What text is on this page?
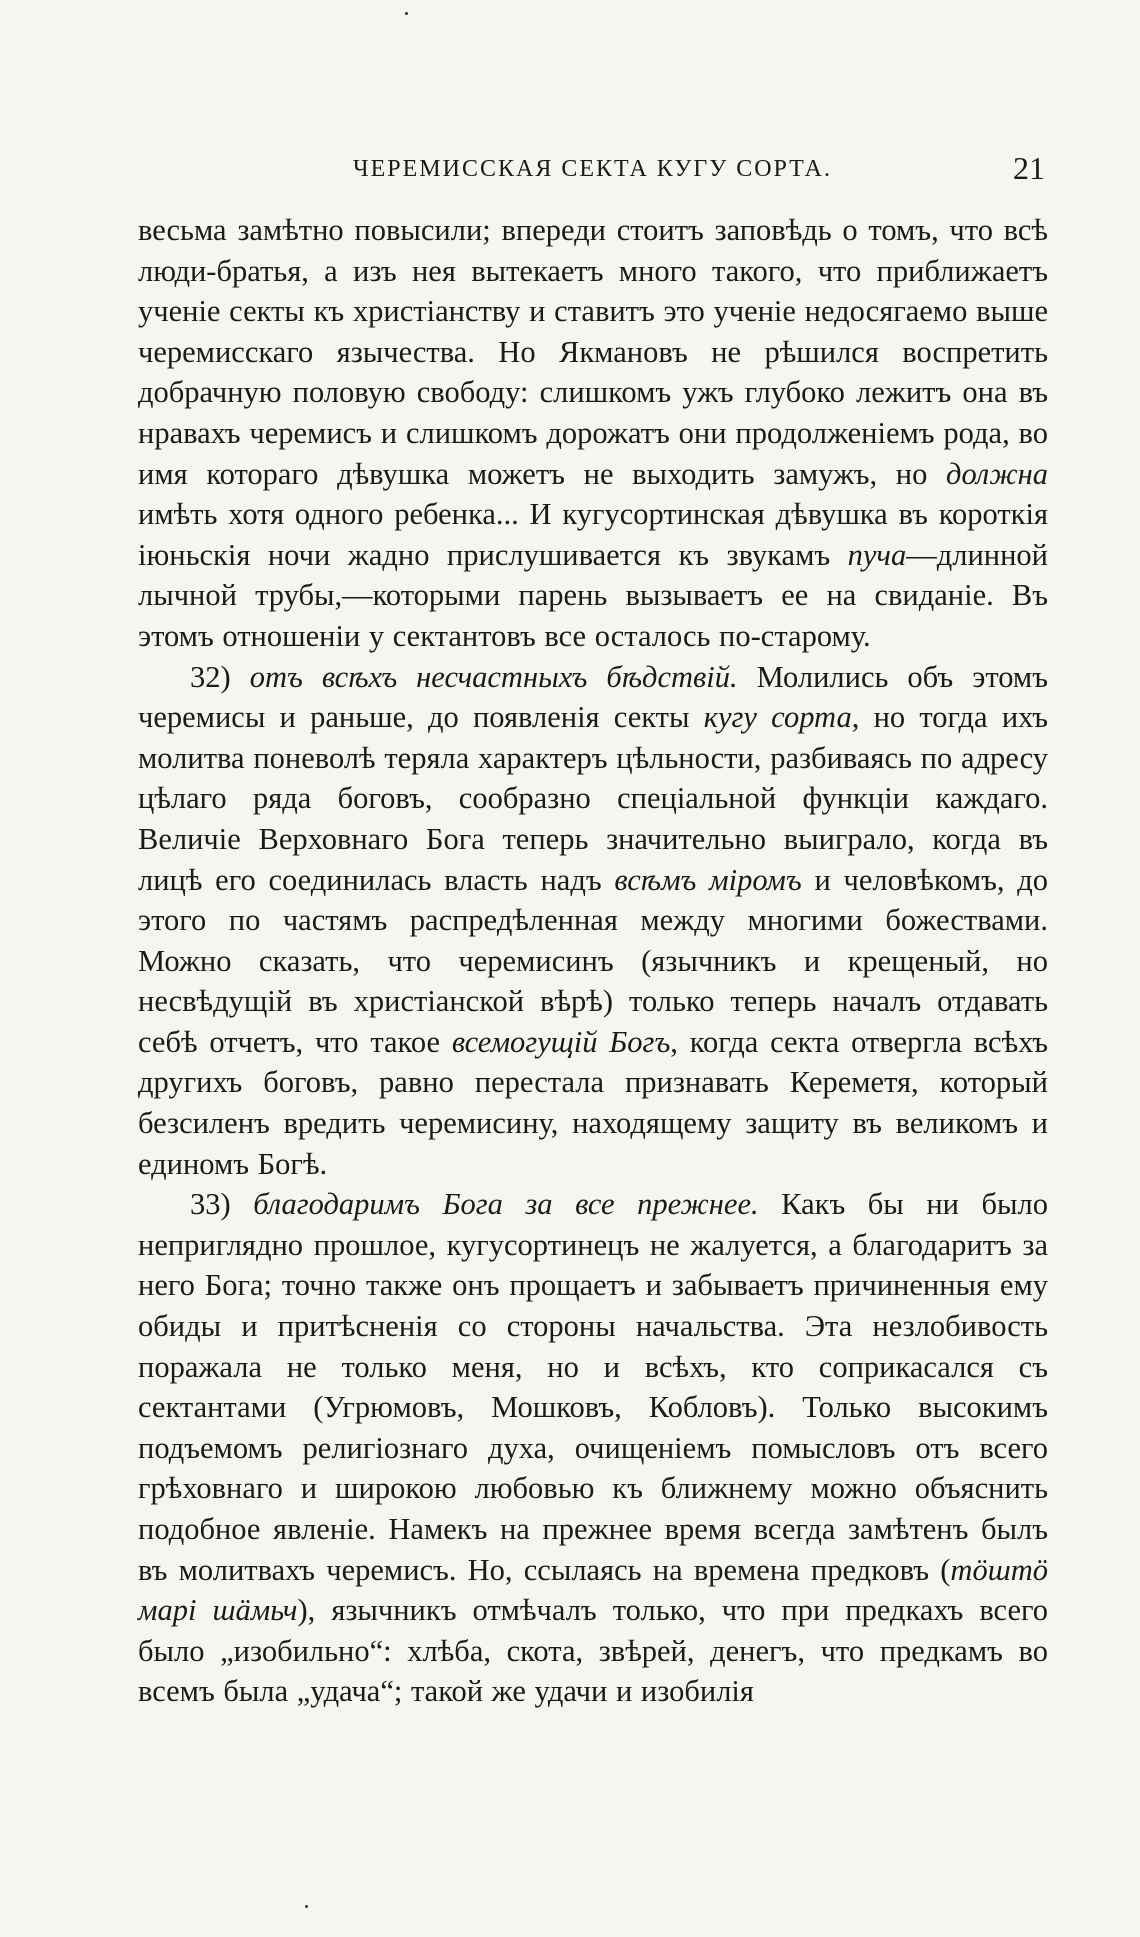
ЧЕРЕМИССКАЯ СЕКТА КУГУ СОРТА.	21

весьма замѣтно повысили; впереди стоитъ заповѣдь о томъ, что всѣ люди-братья, а изъ нея вытекаетъ много такого, что приближаетъ ученіе секты къ христіанству и ставитъ это ученіе недосягаемо выше черемисскаго язычества. Но Якмановъ не рѣшился воспретить добрачную половую свободу: слишкомъ ужъ глубоко лежитъ она въ нравахъ черемисъ и слишкомъ дорожатъ они продолженіемъ рода, во имя котораго дѣвушка можетъ не выходить замужъ, но должна имѣть хотя одного ребенка... И кугусортинская дѣвушка въ короткія іюньскія ночи жадно прислушивается къ звукамъ пуча—длинной лычной трубы,—которыми парень вызываетъ ее на свиданіе. Въ этомъ отношеніи у сектантовъ все осталось по-старому.

32) отъ всѣхъ несчастныхъ бѣдствій. Молились объ этомъ черемисы и раньше, до появленія секты кугу сорта, но тогда ихъ молитва поневолѣ теряла характеръ цѣльности, разбиваясь по адресу цѣлаго ряда боговъ, сообразно спеціальной функціи каждаго. Величіе Верховнаго Бога теперь значительно выиграло, когда въ лицѣ его соединилась власть надъ всѣмъ міромъ и человѣкомъ, до этого по частямъ распредѣленная между многими божествами. Можно сказать, что черемисинъ (язычникъ и крещеный, но несвѣдущій въ христіанской вѣрѣ) только теперь началъ отдавать себѣ отчетъ, что такое всемогущій Богъ, когда секта отвергла всѣхъ другихъ боговъ, равно перестала признавать Кереметя, который безсиленъ вредить черемисину, находящему защиту въ великомъ и единомъ Богѣ.

33) благодаримъ Бога за все прежнее. Какъ бы ни было неприглядно прошлое, кугусортинецъ не жалуется, а благодаритъ за него Бога; точно также онъ прощаетъ и забываетъ причиненныя ему обиды и притѣсненія со стороны начальства. Эта незлобивость поражала не только меня, но и всѣхъ, кто соприкасался съ сектантами (Угрюмовъ, Мошковъ, Кобловъ). Только высокимъ подъемомъ религіознаго духа, очищеніемъ помысловъ отъ всего грѣховнаго и широкою любовью къ ближнему можно объяснить подобное явленіе. Намекъ на прежнее время всегда замѣтенъ былъ въ молитвахъ черемисъ. Но, ссылаясь на времена предковъ (тöштö марі шäмьч), язычникъ отмѣчалъ только, что при предкахъ всего было „изобильно“: хлѣба, скота, звѣрей, денегъ, что предкамъ во всемъ была „удача“; такой же удачи и изобилія
